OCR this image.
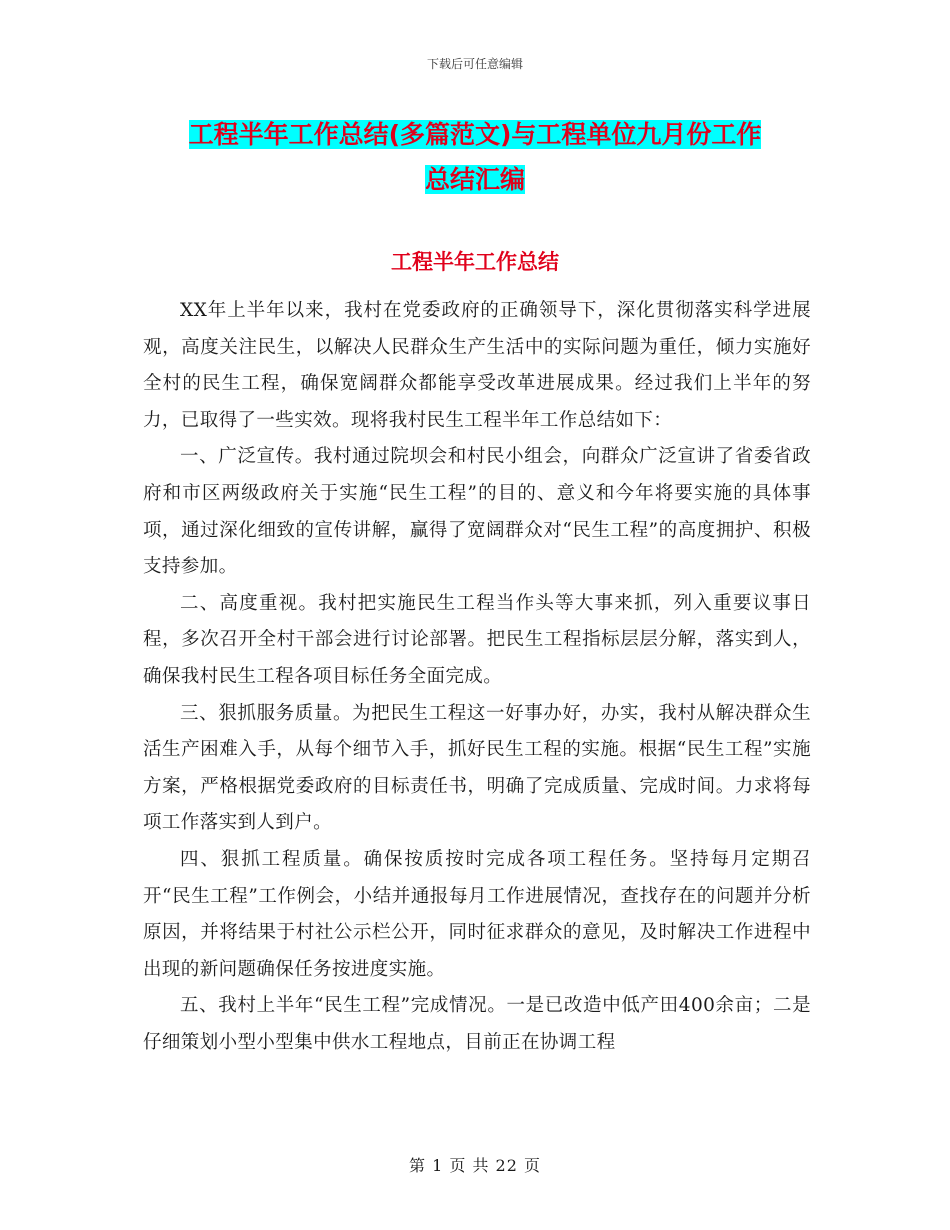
下载后可任意编辑
工程半年工作总结(多篇范文)与工程单位九月份工作
总结汇编
工程半年工作总结

XX年上半年以来，我村在党委政府的正确领导下，深化贯彻落实科学进展观，高度关注民生，以解决人民群众生产生活中的实际问题为重任，倾力实施好全村的民生工程，确保宽阔群众都能享受改革进展成果。经过我们上半年的努力，已取得了一些实效。现将我村民生工程半年工作总结如下：

一、广泛宣传。我村通过院坝会和村民小组会，向群众广泛宣讲了省委省政府和市区两级政府关于实施“民生工程”的目的、意义和今年将要实施的具体事项，通过深化细致的宣传讲解，赢得了宽阔群众对“民生工程”的高度拥护、积极支持参加。

二、高度重视。我村把实施民生工程当作头等大事来抓，列入重要议事日程，多次召开全村干部会进行讨论部署。把民生工程指标层层分解，落实到人，确保我村民生工程各项目标任务全面完成。

三、狠抓服务质量。为把民生工程这一好事办好，办实，我村从解决群众生活生产困难入手，从每个细节入手，抓好民生工程的实施。根据“民生工程”实施方案，严格根据党委政府的目标责任书，明确了完成质量、完成时间。力求将每项工作落实到人到户。

四、狠抓工程质量。确保按质按时完成各项工程任务。坚持每月定期召开“民生工程”工作例会，小结并通报每月工作进展情况，查找存在的问题并分析原因，并将结果于村社公示栏公开，同时征求群众的意见，及时解决工作进程中出现的新问题确保任务按进度实施。

五、我村上半年“民生工程”完成情况。一是已改造中低产田400余亩；二是仔细策划小型小型集中供水工程地点，目前正在协调工程

第 1 页 共 22 页
